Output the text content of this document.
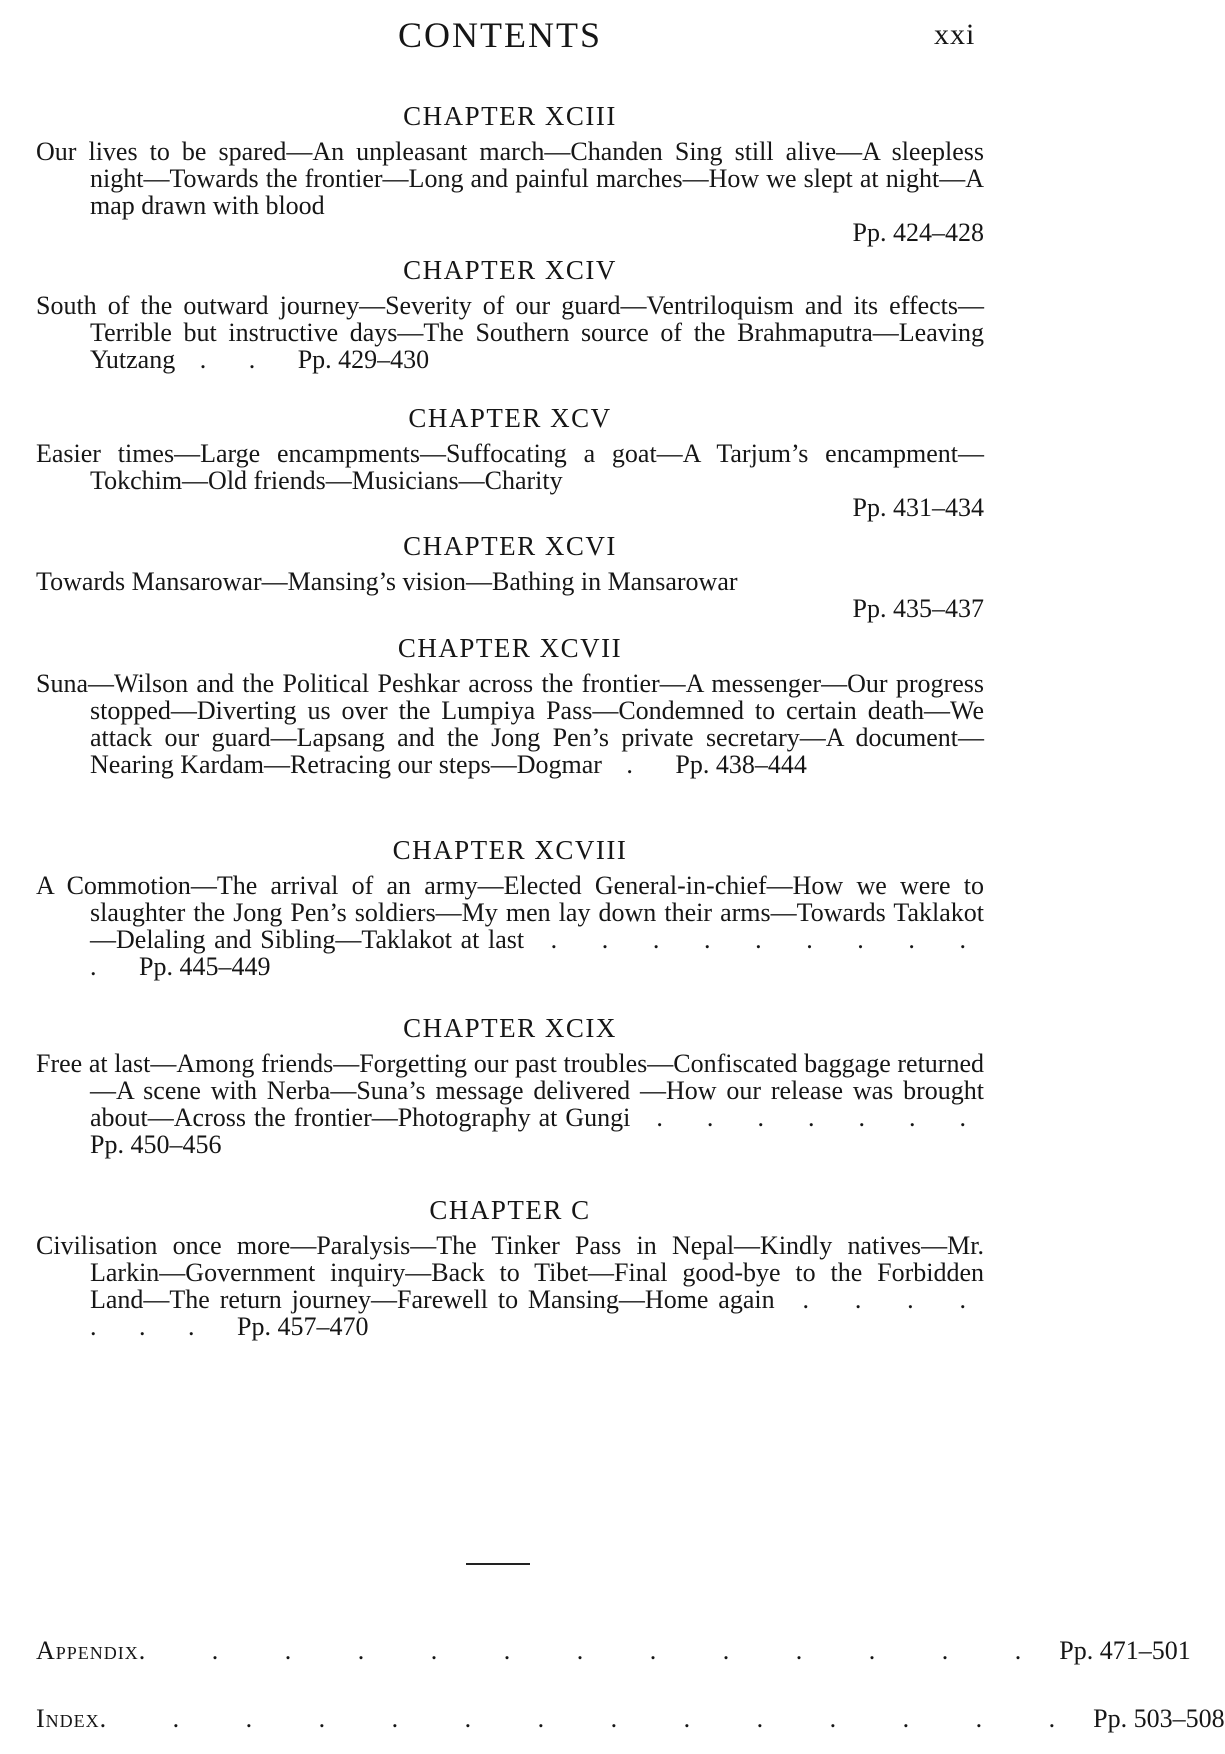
CONTENTS	xxi
CHAPTER XCIII
Our lives to be spared—An unpleasant march—Chanden Sing still alive—A sleepless night—Towards the frontier—Long and painful marches—How we slept at night—A map drawn with blood
Pp. 424–428
CHAPTER XCIV
South of the outward journey—Severity of our guard—Ventriloquism and its effects—Terrible but instructive days—The Southern source of the Brahmaputra—Leaving Yutzang . . Pp. 429–430
CHAPTER XCV
Easier times—Large encampments—Suffocating a goat—A Tarjum’s encampment—Tokchim—Old friends—Musicians—Charity
Pp. 431–434
CHAPTER XCVI
Towards Mansarowar—Mansing’s vision—Bathing in Mansarowar
Pp. 435–437
CHAPTER XCVII
Suna—Wilson and the Political Peshkar across the frontier—A messenger—Our progress stopped—Diverting us over the Lumpiya Pass—Condemned to certain death—We attack our guard—Lapsang and the Jong Pen’s private secretary—A document—Nearing Kardam—Retracing our steps—Dogmar . Pp. 438–444
CHAPTER XCVIII
A Commotion—The arrival of an army—Elected General-in-chief—How we were to slaughter the Jong Pen’s soldiers—My men lay down their arms—Towards Taklakot—Delaling and Sibling—Taklakot at last . . . . . . . . . . Pp. 445–449
CHAPTER XCIX
Free at last—Among friends—Forgetting our past troubles—Confiscated baggage returned—A scene with Nerba—Suna’s message delivered —How our release was brought about—Across the frontier—Photography at Gungi . . . . . . . Pp. 450–456
CHAPTER C
Civilisation once more—Paralysis—The Tinker Pass in Nepal—Kindly natives—Mr. Larkin—Government inquiry—Back to Tibet—Final good-bye to the Forbidden Land—The return journey—Farewell to Mansing—Home again . . . . . . . Pp. 457–470
Appendix . . . . . . . . . . . . . Pp. 471–501
Index . . . . . . . . . . . . . . Pp. 503–508
